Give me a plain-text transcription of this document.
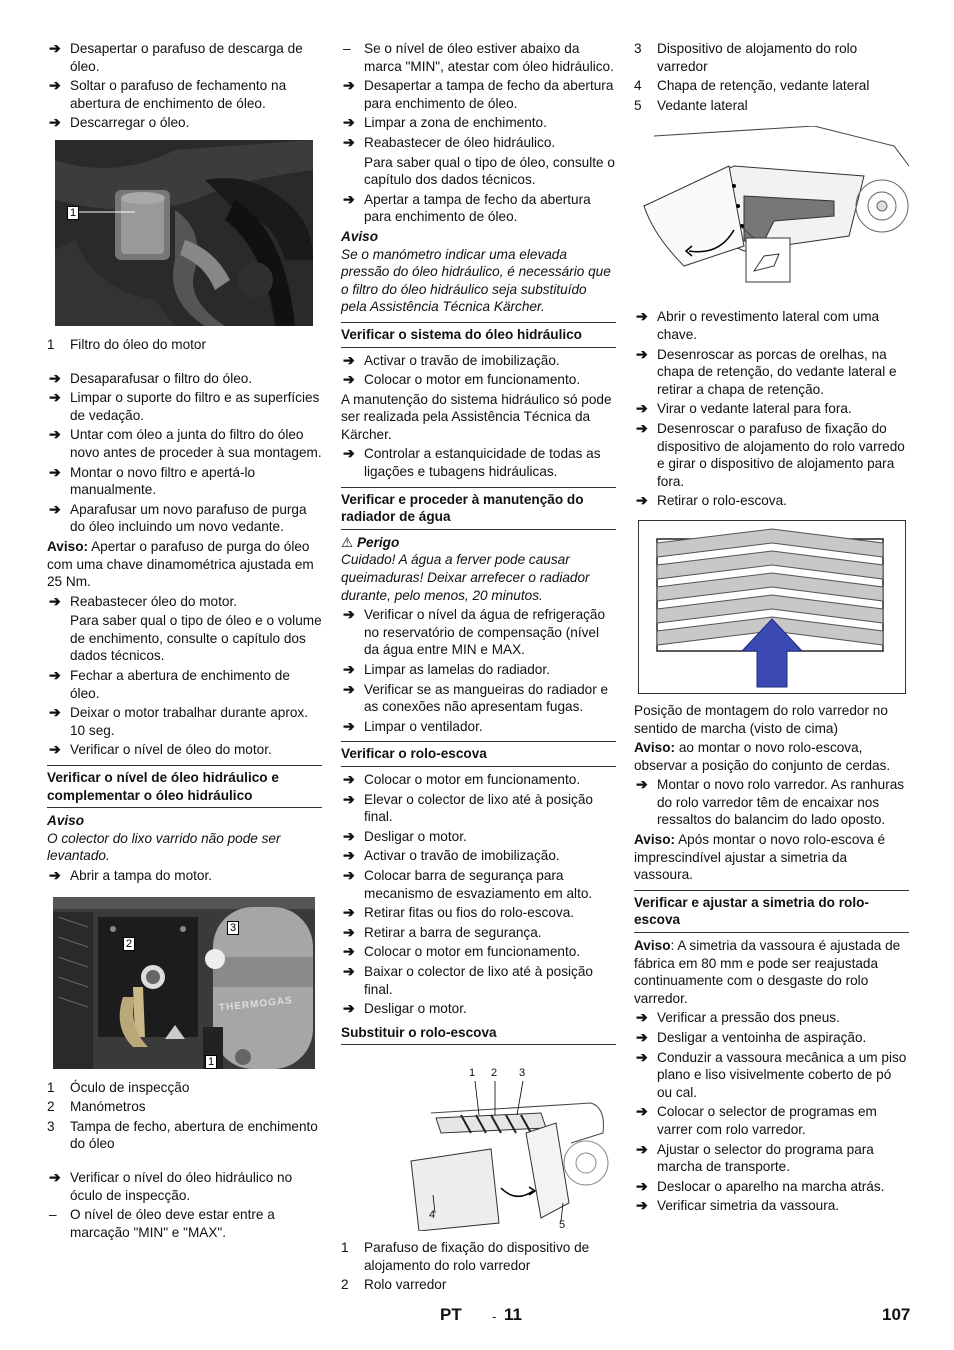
➔ Desapertar o parafuso de descarga de óleo.
➔ Soltar o parafuso de fechamento na abertura de enchimento de óleo.
➔ Descarregar o óleo.
1
1 Filtro do óleo do motor
➔ Desaparafusar o filtro do óleo.
➔ Limpar o suporte do filtro e as superfícies de vedação.
➔ Untar com óleo a junta do filtro do óleo novo antes de proceder à sua montagem.
➔ Montar o novo filtro e apertá-lo manualmente.
➔ Aparafusar um novo parafuso de purga do óleo incluindo um novo vedante.

Aviso: Apertar o parafuso de purga do óleo com uma chave dinamométrica ajustada em 25 Nm.

➔ Reabastecer óleo do motor.
Para saber qual o tipo de óleo e o volume de enchimento, consulte o capítulo dos dados técnicos.
➔ Fechar a abertura de enchimento de óleo.
➔ Deixar o motor trabalhar durante aprox. 10 seg.
➔ Verificar o nível de óleo do motor.
Verificar o nível de óleo hidráulico e complementar o óleo hidráulico
Aviso
O colector do lixo varrido não pode ser levantado.
➔ Abrir a tampa do motor.
THERMOGAS
1
2
3
1 Óculo de inspecção
2 Manómetros
3 Tampa de fecho, abertura de enchimento do óleo
➔ Verificar o nível do óleo hidráulico no óculo de inspecção.
– O nível de óleo deve estar entre a marcação "MIN" e "MAX".
– Se o nível de óleo estiver abaixo da marca "MIN", atestar com óleo hidráulico.
➔ Desapertar a tampa de fecho da abertura para enchimento de óleo.
➔ Limpar a zona de enchimento.
➔ Reabastecer de óleo hidráulico.
Para saber qual o tipo de óleo, consulte o capítulo dos dados técnicos.
➔ Apertar a tampa de fecho da abertura para enchimento de óleo.
Aviso
Se o manómetro indicar uma elevada pressão do óleo hidráulico, é necessário que o filtro do óleo hidráulico seja substituído pela Assistência Técnica Kärcher.
Verificar o sistema do óleo hidráulico
➔ Activar o travão de imobilização.
➔ Colocar o motor em funcionamento.

A manutenção do sistema hidráulico só pode ser realizada pela Assistência Técnica da Kärcher.

➔ Controlar a estanquicidade de todas as ligações e tubagens hidráulicas.
Verificar e proceder à manutenção do radiador de água
⚠ Perigo
Cuidado! A água a ferver pode causar queimaduras! Deixar arrefecer o radiador durante, pelo menos, 20 minutos.
➔ Verificar o nível da água de refrigeração no reservatório de compensação (nível da água entre MIN e MAX.
➔ Limpar as lamelas do radiador.
➔ Verificar se as mangueiras do radiador e as conexões não apresentam fugas.
➔ Limpar o ventilador.
Verificar o rolo-escova
➔ Colocar o motor em funcionamento.
➔ Elevar o colector de lixo até à posição final.
➔ Desligar o motor.
➔ Activar o travão de imobilização.
➔ Colocar barra de segurança para mecanismo de esvaziamento em alto.
➔ Retirar fitas ou fios do rolo-escova.
➔ Retirar a barra de segurança.
➔ Colocar o motor em funcionamento.
➔ Baixar o colector de lixo até à posição final.
➔ Desligar o motor.
Substituir o rolo-escova
1 2 3
4
5
1 Parafuso de fixação do dispositivo de alojamento do rolo varredor
2 Rolo varredor
3 Dispositivo de alojamento do rolo varredor
4 Chapa de retenção, vedante lateral
5 Vedante lateral
➔ Abrir o revestimento lateral com uma chave.
➔ Desenroscar as porcas de orelhas, na chapa de retenção, do vedante lateral e retirar a chapa de retenção.
➔ Virar o vedante lateral para fora.
➔ Desenroscar o parafuso de fixação do dispositivo de alojamento do rolo varredo e girar o dispositivo de alojamento para fora.
➔ Retirar o rolo-escova.

Posição de montagem do rolo varredor no sentido de marcha (visto de cima)

Aviso: ao montar o novo rolo-escova, observar a posição do conjunto de cerdas.

➔ Montar o novo rolo varredor. As ranhuras do rolo varredor têm de encaixar nos ressaltos do balancim do lado oposto.

Aviso: Após montar o novo rolo-escova é imprescindível ajustar a simetria da vassoura.

Verificar e ajustar a simetria do rolo-escova

Aviso: A simetria da vassoura é ajustada de fábrica em 80 mm e pode ser reajustada continuamente com o desgaste do rolo varredor.

➔ Verificar a pressão dos pneus.
➔ Desligar a ventoinha de aspiração.
➔ Conduzir a vassoura mecânica a um piso plano e liso visivelmente coberto de pó ou cal.
➔ Colocar o selector de programas em varrer com rolo varredor.
➔ Ajustar o selector do programa para marcha de transporte.
➔ Deslocar o aparelho na marcha atrás.
➔ Verificar simetria da vassoura.
PT - 11	107
